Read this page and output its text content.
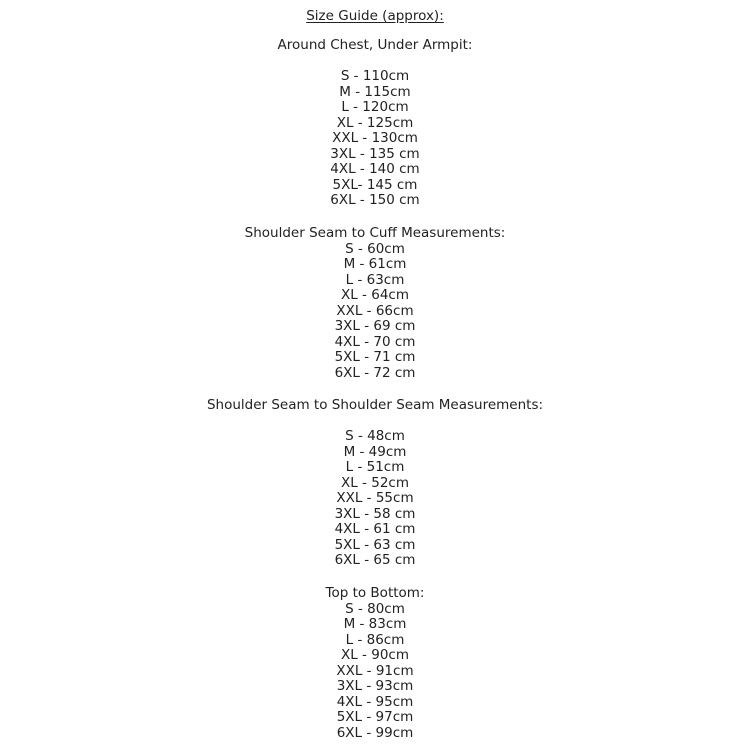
Size Guide (approx):
Around Chest, Under Armpit:
S - 110cm
M - 115cm
L - 120cm
XL - 125cm
XXL - 130cm
3XL - 135 cm
4XL - 140 cm
5XL- 145 cm
6XL - 150 cm
Shoulder Seam to Cuff Measurements:
S - 60cm
M - 61cm
L - 63cm
XL - 64cm
XXL - 66cm
3XL - 69 cm
4XL - 70 cm
5XL - 71 cm
6XL - 72 cm
Shoulder Seam to Shoulder Seam Measurements:
S - 48cm
M - 49cm
L - 51cm
XL - 52cm
XXL - 55cm
3XL - 58 cm
4XL - 61 cm
5XL - 63 cm
6XL - 65 cm
Top to Bottom:
S - 80cm
M - 83cm
L - 86cm
XL - 90cm
XXL - 91cm
3XL - 93cm
4XL - 95cm
5XL - 97cm
6XL - 99cm
